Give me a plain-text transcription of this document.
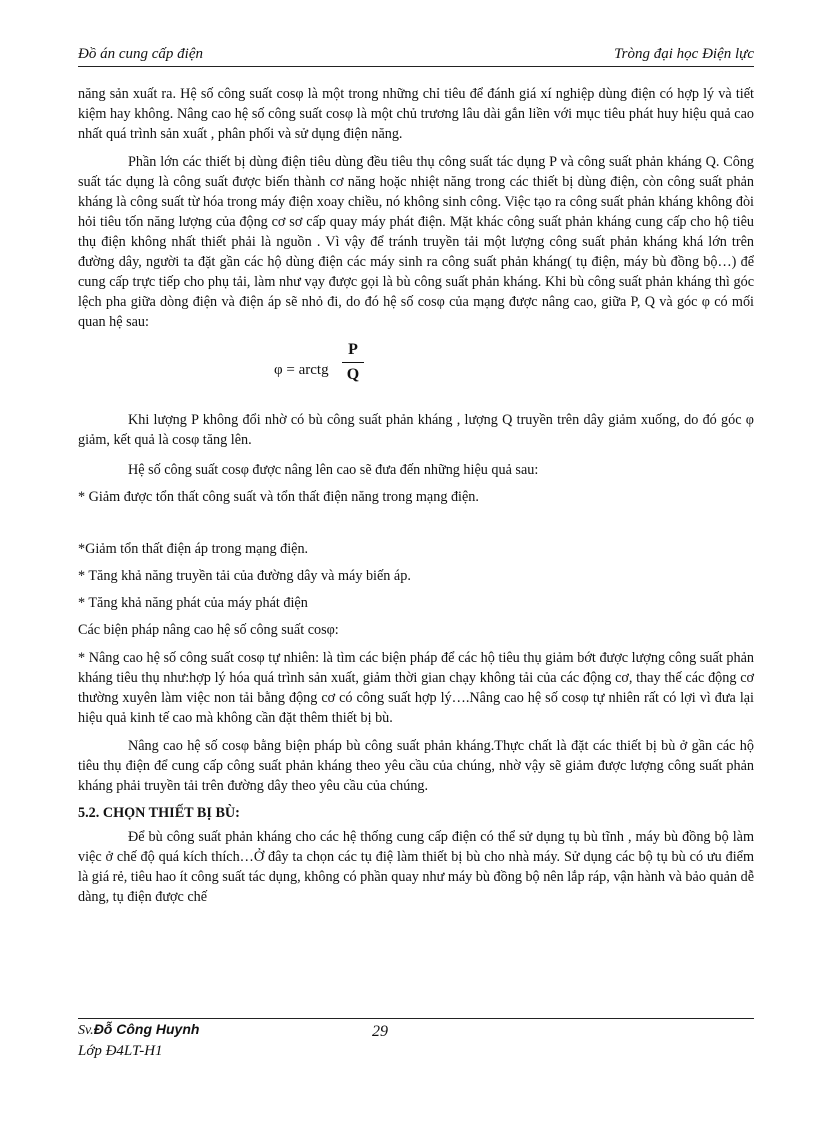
Đồ án cung cấp điện	Tròng đại học Điện lực

năng sản xuất ra. Hệ số công suất cosφ là một trong những chỉ tiêu để đánh giá xí nghiệp dùng điện có hợp lý và tiết kiệm hay không. Nâng cao hệ số công suất cosφ là một chủ trương lâu dài gắn liền với mục tiêu phát huy hiệu quả cao nhất quá trình sản xuất , phân phối và sử dụng điện năng.

Phần lớn các thiết bị dùng điện tiêu dùng đều tiêu thụ công suất tác dụng P và công suất phản kháng Q. Công suất tác dụng là công suất được biến thành cơ năng hoặc nhiệt năng trong các thiết bị dùng điện, còn công suất phản kháng là công suất từ hóa trong máy điện xoay chiều, nó không sinh công. Việc tạo ra công suất phản kháng không đòi hỏi tiêu tốn năng lượng của động cơ sơ cấp quay máy phát điện. Mặt khác công suất phản kháng cung cấp cho hộ tiêu thụ điện không nhất thiết phải là nguồn . Vì vậy để tránh truyền tải một lượng công suất phản kháng khá lớn trên đường dây, người ta đặt gần các hộ dùng điện các máy sinh ra công suất phản kháng( tụ điện, máy bù đồng bộ…) để cung cấp trực tiếp cho phụ tải, làm như vạy được gọi là bù công suất phản kháng. Khi bù công suất phản kháng thì góc lệch pha giữa dòng điện và điện áp sẽ nhỏ đi, do đó hệ số cosφ của mạng được nâng cao, giữa P, Q và góc φ có mối quan hệ sau:

φ = arctg
P
Q

Khi lượng P không đổi nhờ có bù công suất phản kháng , lượng Q truyền trên dây giảm xuống, do đó góc φ giảm, kết quả là cosφ tăng lên.

Hệ số công suất cosφ được nâng lên cao sẽ đưa đến những hiệu quả sau:

* Giảm được tổn thất công suất và tổn thất điện năng trong mạng điện.

*Giảm tổn thất điện áp trong mạng điện.

* Tăng khả năng truyền tải của đường dây và máy biến áp.

* Tăng khả năng phát của máy phát điện

Các biện pháp nâng cao hệ số công suất cosφ:

* Nâng cao hệ số công suất cosφ tự nhiên: là tìm các biện pháp để các hộ tiêu thụ giảm bớt được lượng công suất phản kháng tiêu thụ như:hợp lý hóa quá trình sản xuất, giảm thời gian chạy không tải của các động cơ, thay thế các động cơ thường xuyên làm việc non tải bằng động cơ có công suất hợp lý….Nâng cao hệ số cosφ tự nhiên rất có lợi vì đưa lại hiệu quả kinh tế cao mà không cần đặt thêm thiết bị bù.

Nâng cao hệ số cosφ bằng biện pháp bù công suất phản kháng.Thực chất là đặt các thiết bị bù ở gần các hộ tiêu thụ điện để cung cấp công suất phản kháng theo yêu cầu của chúng, nhờ vậy sẽ giảm được lượng công suất phản kháng phải truyền tải trên đường dây theo yêu cầu của chúng.

5.2. CHỌN THIẾT BỊ BÙ:

Để bù công suất phản kháng cho các hệ thống cung cấp điện có thể sử dụng tụ bù tĩnh , máy bù đồng bộ làm việc ở chế độ quá kích thích…Ở đây ta chọn các tụ điệ làm thiết bị bù cho nhà máy. Sử dụng các bộ tụ bù có ưu điểm là giá rẻ, tiêu hao ít công suất tác dụng, không có phần quay như máy bù đồng bộ nên lắp ráp, vận hành và bảo quản dễ dàng, tụ điện được chế

Sv.Đỗ Công Huynh	29
Lớp Đ4LT-H1
